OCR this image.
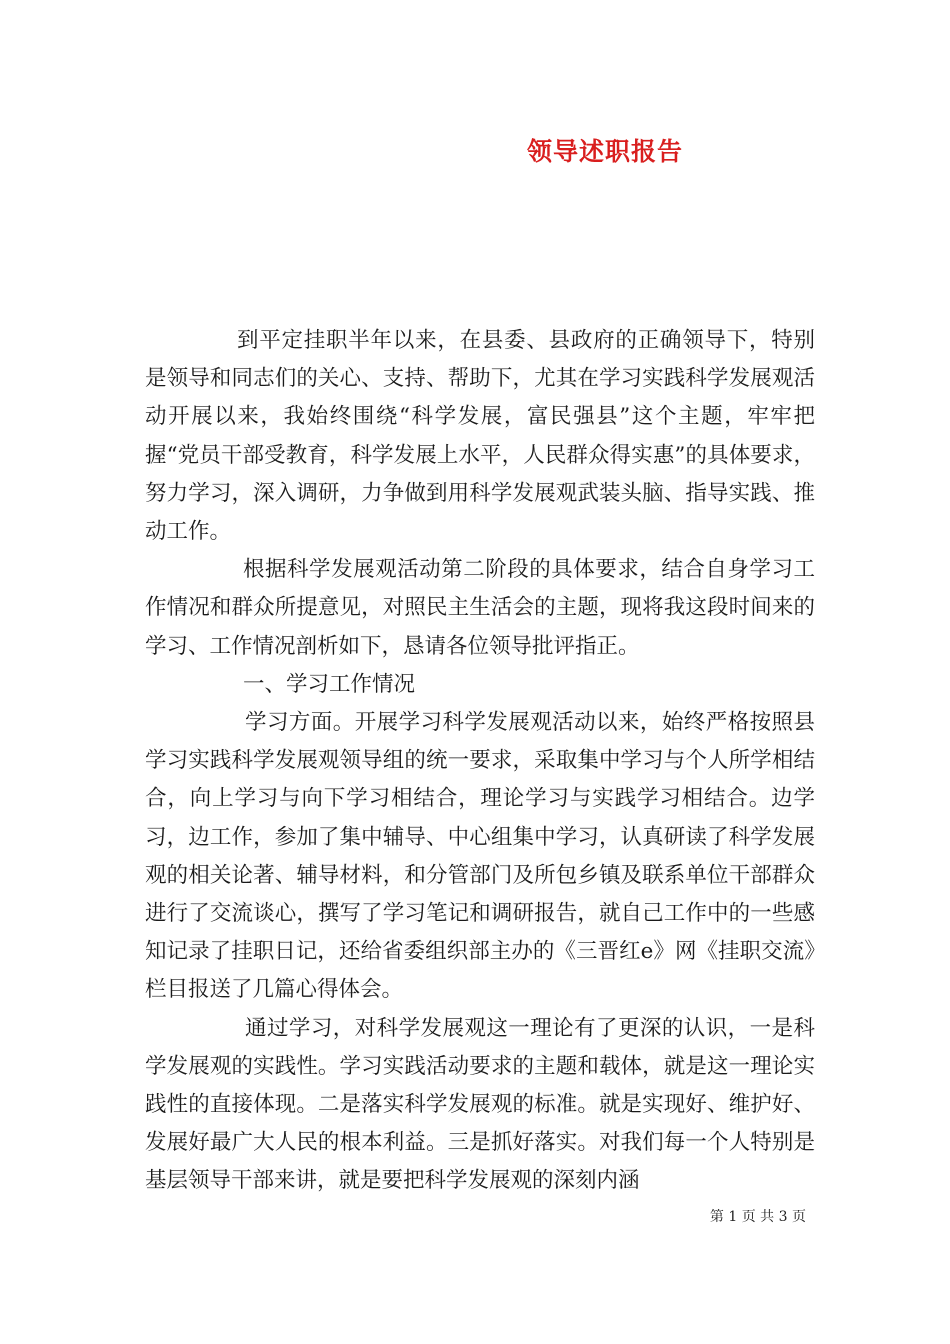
领导述职报告

到平定挂职半年以来，在县委、县政府的正确领导下，特别是领导和同志们的关心、支持、帮助下，尤其在学习实践科学发展观活动开展以来，我始终围绕“科学发展，富民强县”这个主题，牢牢把握“党员干部受教育，科学发展上水平，人民群众得实惠”的具体要求，努力学习，深入调研，力争做到用科学发展观武装头脑、指导实践、推动工作。

根据科学发展观活动第二阶段的具体要求，结合自身学习工作情况和群众所提意见，对照民主生活会的主题，现将我这段时间来的学习、工作情况剖析如下，恳请各位领导批评指正。

一、学习工作情况

学习方面。开展学习科学发展观活动以来，始终严格按照县学习实践科学发展观领导组的统一要求，采取集中学习与个人所学相结合，向上学习与向下学习相结合，理论学习与实践学习相结合。边学习，边工作，参加了集中辅导、中心组集中学习，认真研读了科学发展观的相关论著、辅导材料，和分管部门及所包乡镇及联系单位干部群众进行了交流谈心，撰写了学习笔记和调研报告，就自己工作中的一些感知记录了挂职日记，还给省委组织部主办的《三晋红e》网《挂职交流》栏目报送了几篇心得体会。

通过学习，对科学发展观这一理论有了更深的认识，一是科学发展观的实践性。学习实践活动要求的主题和载体，就是这一理论实践性的直接体现。二是落实科学发展观的标准。就是实现好、维护好、发展好最广大人民的根本利益。三是抓好落实。对我们每一个人特别是基层领导干部来讲，就是要把科学发展观的深刻内涵

第 1 页 共 3 页
